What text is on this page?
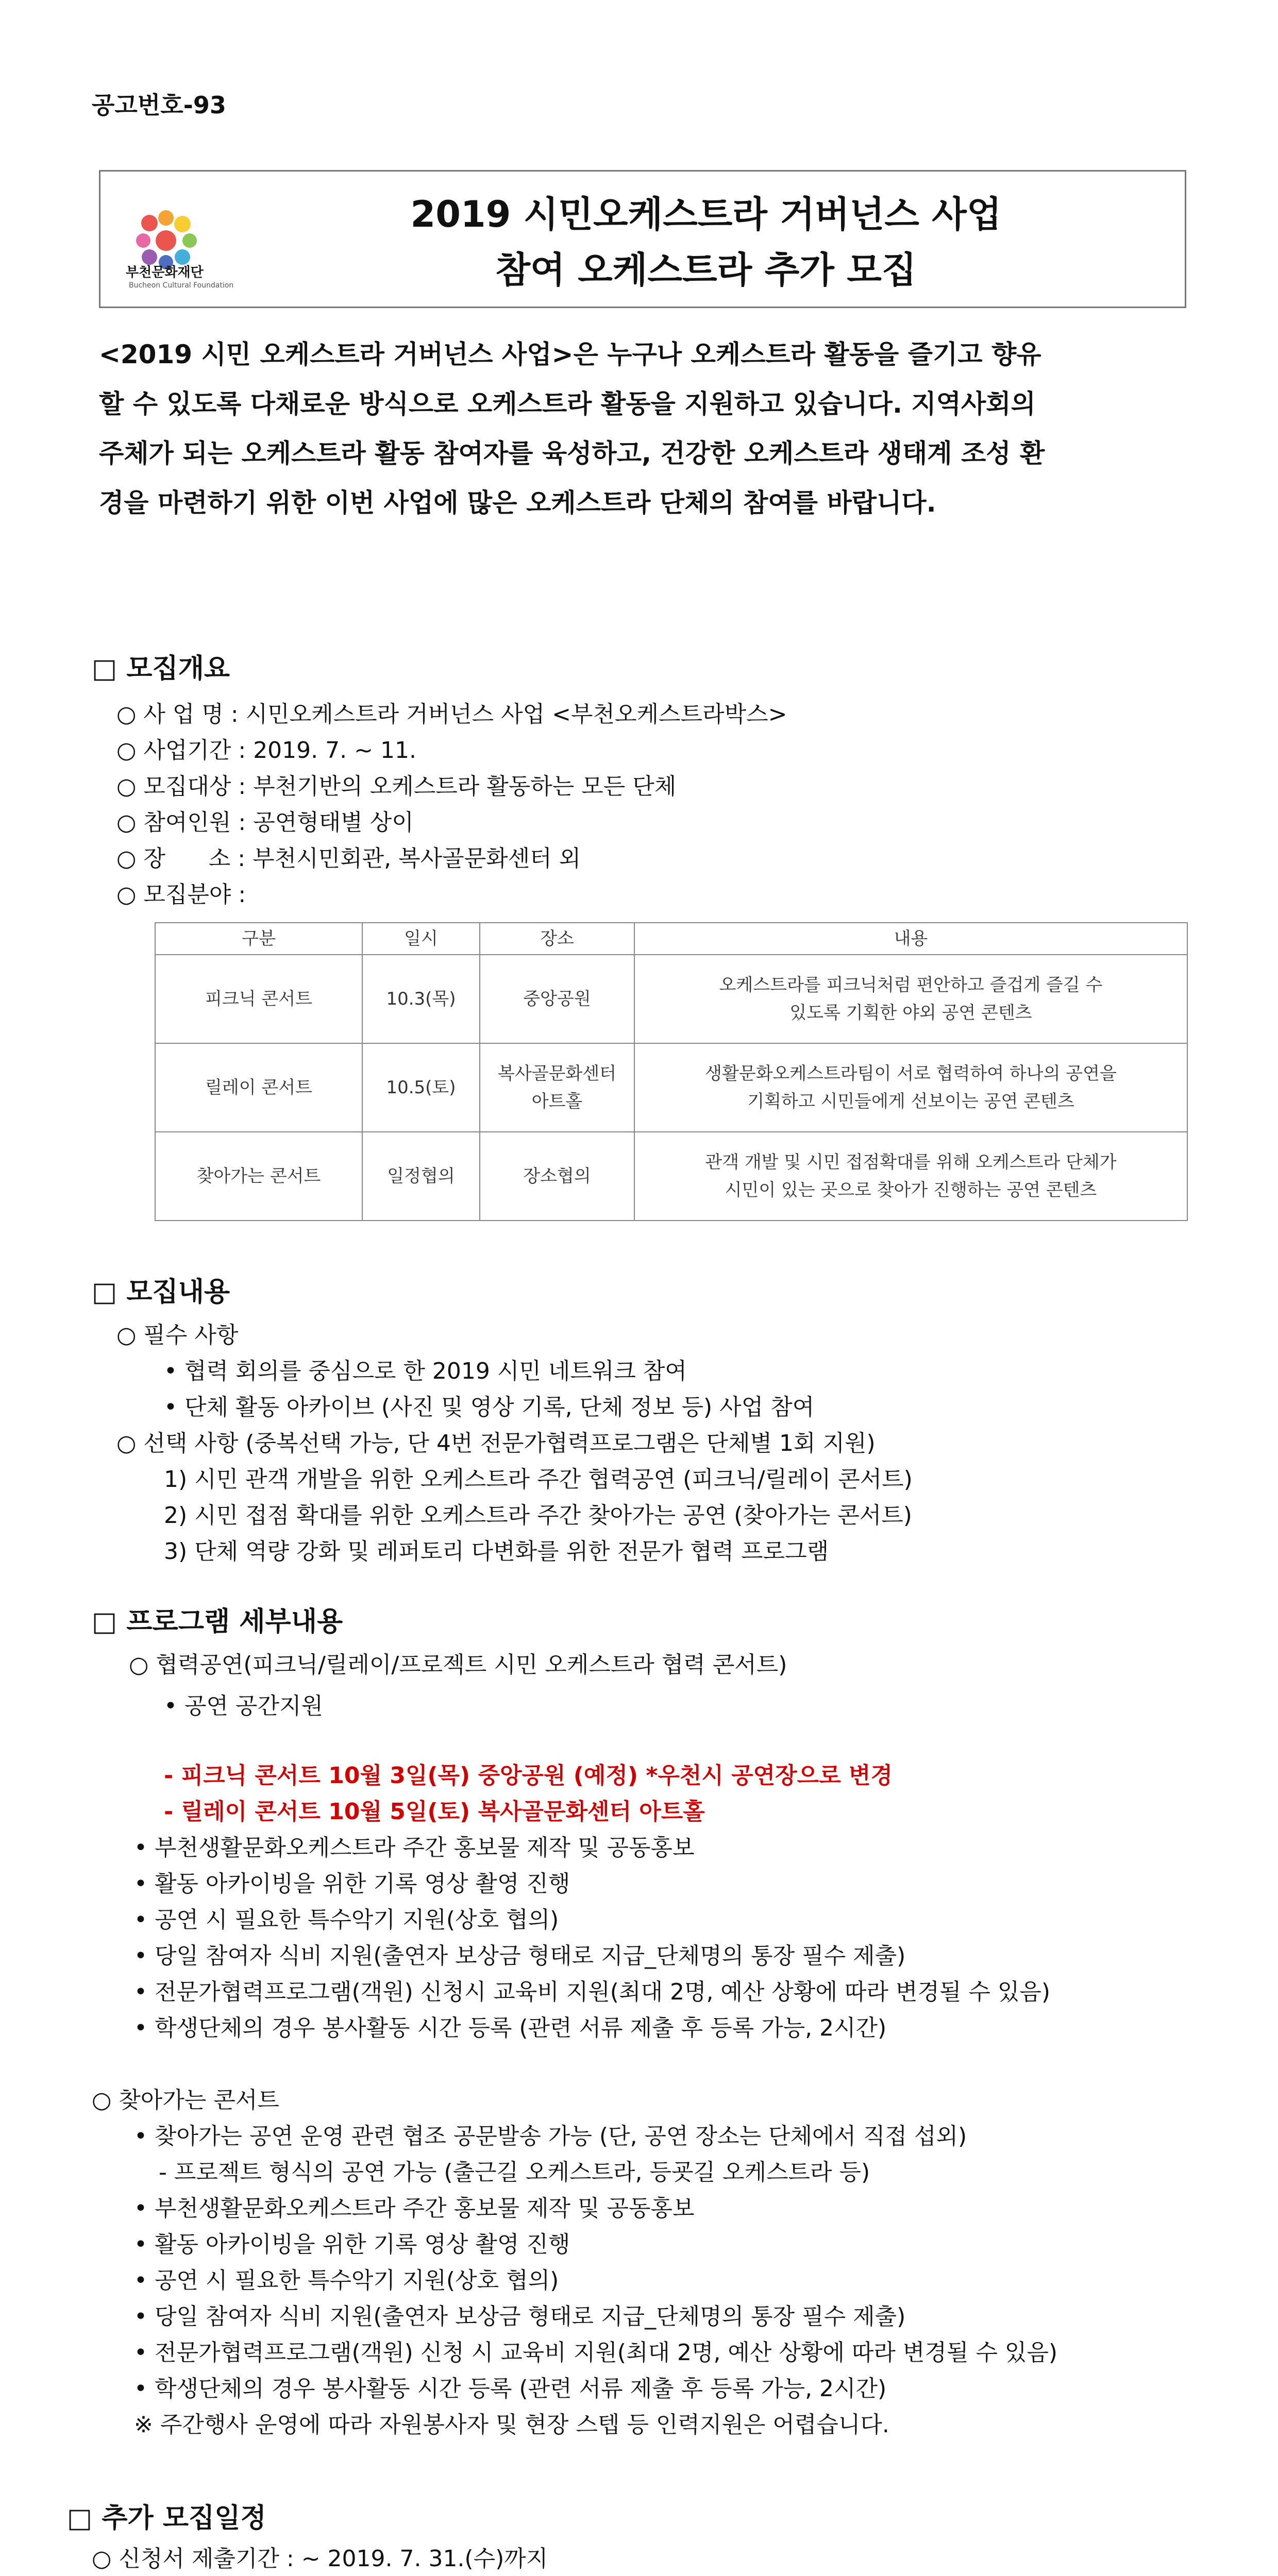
공고번호-93
부천문화재단
Bucheon Cultural Foundation
2019 시민오케스트라 거버넌스 사업
참여 오케스트라 추가 모집
<2019 시민 오케스트라 거버넌스 사업>은 누구나 오케스트라 활동을 즐기고 향유
할 수 있도록 다채로운 방식으로 오케스트라 활동을 지원하고 있습니다. 지역사회의
주체가 되는 오케스트라 활동 참여자를 육성하고, 건강한 오케스트라 생태계 조성 환
경을 마련하기 위한 이번 사업에 많은 오케스트라 단체의 참여를 바랍니다.
□ 모집개요
○ 사 업 명 : 시민오케스트라 거버넌스 사업 <부천오케스트라박스>
○ 사업기간 : 2019. 7. ~ 11.
○ 모집대상 : 부천기반의 오케스트라 활동하는 모든 단체
○ 참여인원 : 공연형태별 상이
○ 장      소 : 부천시민회관, 복사골문화센터 외
○ 모집분야 :
구분	일시	장소	내용
피크닉 콘서트	10.3(목)	중앙공원	오케스트라를 피크닉처럼 편안하고 즐겁게 즐길 수
있도록 기획한 야외 공연 콘텐츠

릴레이 콘서트	10.5(토)	복사골문화센터 아트홀	생활문화오케스트라팀이 서로 협력하여 하나의 공연을
기획하고 시민들에게 선보이는 공연 콘텐츠

찾아가는 콘서트	일정협의	장소협의	관객 개발 및 시민 접점확대를 위해 오케스트라 단체가
시민이 있는 곳으로 찾아가 진행하는 공연 콘텐츠
□ 모집내용
○ 필수 사항
• 협력 회의를 중심으로 한 2019 시민 네트워크 참여
• 단체 활동 아카이브 (사진 및 영상 기록, 단체 정보 등) 사업 참여
○ 선택 사항 (중복선택 가능, 단 4번 전문가협력프로그램은 단체별 1회 지원)
1) 시민 관객 개발을 위한 오케스트라 주간 협력공연 (피크닉/릴레이 콘서트)
2) 시민 접점 확대를 위한 오케스트라 주간 찾아가는 공연 (찾아가는 콘서트)
3) 단체 역량 강화 및 레퍼토리 다변화를 위한 전문가 협력 프로그램
□ 프로그램 세부내용
○ 협력공연(피크닉/릴레이/프로젝트 시민 오케스트라 협력 콘서트)
• 공연 공간지원
- 피크닉 콘서트 10월 3일(목) 중앙공원 (예정) *우천시 공연장으로 변경
- 릴레이 콘서트 10월 5일(토) 복사골문화센터 아트홀
• 부천생활문화오케스트라 주간 홍보물 제작 및 공동홍보
• 활동 아카이빙을 위한 기록 영상 촬영 진행
• 공연 시 필요한 특수악기 지원(상호 협의)
• 당일 참여자 식비 지원(출연자 보상금 형태로 지급_단체명의 통장 필수 제출)
• 전문가협력프로그램(객원) 신청시 교육비 지원(최대 2명, 예산 상황에 따라 변경될 수 있음)
• 학생단체의 경우 봉사활동 시간 등록 (관련 서류 제출 후 등록 가능, 2시간)
○ 찾아가는 콘서트
• 찾아가는 공연 운영 관련 협조 공문발송 가능 (단, 공연 장소는 단체에서 직접 섭외)
- 프로젝트 형식의 공연 가능 (출근길 오케스트라, 등굣길 오케스트라 등)
• 부천생활문화오케스트라 주간 홍보물 제작 및 공동홍보
• 활동 아카이빙을 위한 기록 영상 촬영 진행
• 공연 시 필요한 특수악기 지원(상호 협의)
• 당일 참여자 식비 지원(출연자 보상금 형태로 지급_단체명의 통장 필수 제출)
• 전문가협력프로그램(객원) 신청 시 교육비 지원(최대 2명, 예산 상황에 따라 변경될 수 있음)
• 학생단체의 경우 봉사활동 시간 등록 (관련 서류 제출 후 등록 가능, 2시간)
※ 주간행사 운영에 따라 자원봉사자 및 현장 스텝 등 인력지원은 어렵습니다.
□ 추가 모집일정
○ 신청서 제출기간 : ~ 2019. 7. 31.(수)까지
